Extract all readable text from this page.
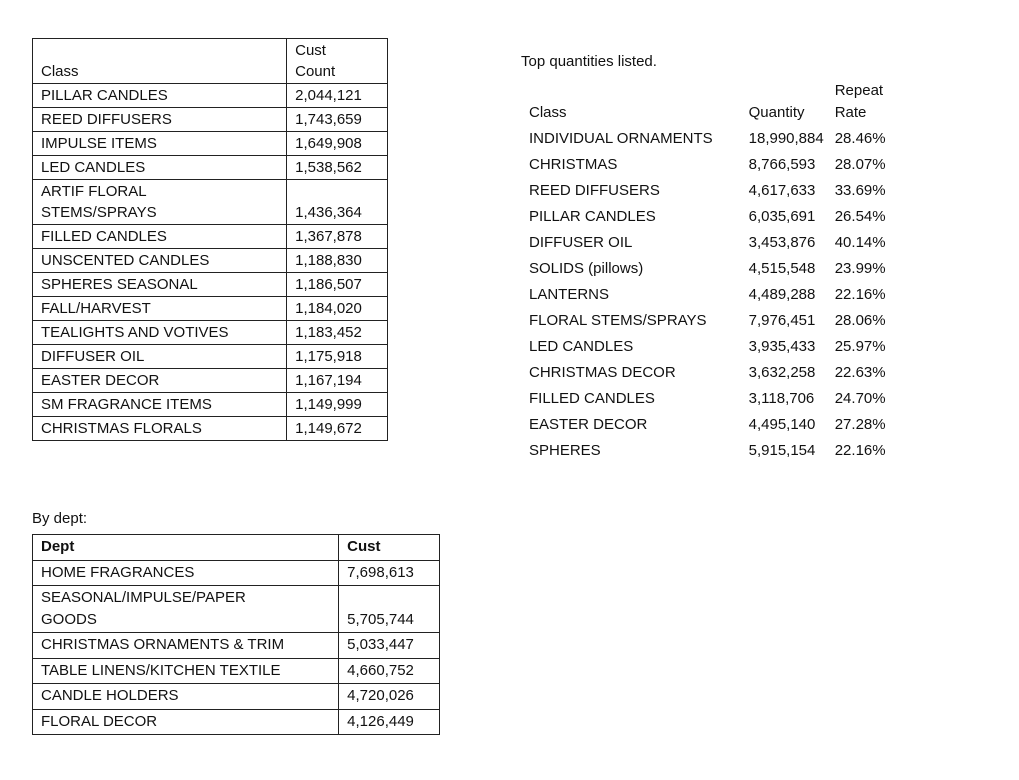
Class	Cust
Count

PILLAR CANDLES	2,044,121

REED DIFFUSERS	1,743,659

IMPULSE ITEMS	1,649,908

LED CANDLES	1,538,562

ARTIF FLORAL
STEMS/SPRAYS	1,436,364

FILLED CANDLES	1,367,878

UNSCENTED CANDLES	1,188,830

SPHERES SEASONAL	1,186,507

FALL/HARVEST	1,184,020

TEALIGHTS AND VOTIVES	1,183,452

DIFFUSER OIL	1,175,918

EASTER DECOR	1,167,194

SM FRAGRANCE ITEMS	1,149,999

CHRISTMAS FLORALS	1,149,672
By dept:
Dept	Cust

HOME FRAGRANCES	7,698,613

SEASONAL/IMPULSE/PAPER
GOODS	5,705,744

CHRISTMAS ORNAMENTS & TRIM	5,033,447

TABLE LINENS/KITCHEN TEXTILE	4,660,752

CANDLE HOLDERS	4,720,026

FLORAL DECOR	4,126,449
Top quantities listed.
Class	Quantity	Repeat
Rate

INDIVIDUAL ORNAMENTS	18,990,884	28.46%
CHRISTMAS	8,766,593	28.07%
REED DIFFUSERS	4,617,633	33.69%
PILLAR CANDLES	6,035,691	26.54%
DIFFUSER OIL	3,453,876	40.14%
SOLIDS (pillows)	4,515,548	23.99%
LANTERNS	4,489,288	22.16%
FLORAL STEMS/SPRAYS	7,976,451	28.06%
LED CANDLES	3,935,433	25.97%
CHRISTMAS DECOR	3,632,258	22.63%
FILLED CANDLES	3,118,706	24.70%
EASTER DECOR	4,495,140	27.28%
SPHERES	5,915,154	22.16%
